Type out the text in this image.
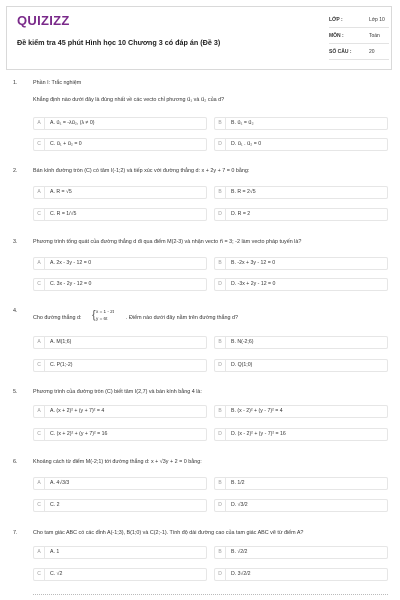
QUIZIZZ
Đề kiểm tra 45 phút Hình học 10 Chương 3 có đáp án (Đề 3)
LỚP :	Lớp 10
MÔN :	Toán
SỐ CÂU :	20
1.	Phần I: Trắc nghiệm
Khẳng định nào dưới đây là đúng nhất về các vecto chỉ phương u⃗₁ và u⃗₂ của d?
A	A. u⃗₁ = -λu⃗₂, (λ ≠ 0)	B	B. u⃗₁ = u⃗₂
C	C. u⃗₁ + u⃗₂ = 0	D	D. u⃗₁ . u⃗₂ = 0
2.	Bán kính đường tròn (C) có tâm I(-1;2) và tiếp xúc với đường thẳng d: x + 2y + 7 = 0 bằng:
A	A. R = √5	B	B. R = 2√5
C	C. R = 1/√5	D	D. R = 2
3.	Phương trình tổng quát của đường thẳng d đi qua điểm M(2-3) và nhận vecto n⃗ = 3; -2 làm vecto pháp tuyến là?
A	A. 2x - 3y - 12 = 0	B	B. -2x + 3y - 12 = 0
C	C. 3x - 2y - 12 = 0	D	D. -3x + 2y - 12 = 0
4.
Cho đường thẳng d: { x = 1 - 2t
y = 6t	. Điểm nào dưới đây nằm trên đường thẳng d?
A	A. M(1;6)	B	B. N(-2;6)
C	C. P(1;-2)	D	D. Q(1;0)
5.	Phương trình của đường tròn (C) biết tâm I(2,7) và bán kính bằng 4 là:
A	A. (x + 2)² + (y + 7)² = 4	B	B. (x - 2)² + (y - 7)² = 4
C	C. (x + 2)² + (y + 7)² = 16	D	D. (x - 2)² + (y - 7)² = 16
6.	Khoảng cách từ điểm M(-2;1) tới đường thẳng d: x + √3y + 2 = 0 bằng:
A	A. 4√3/3	B	B. 1/2
C	C. 2	D	D. √3/2
7.	Cho tam giác ABC có các đỉnh A(-1;3), B(1;0) và C(2;-1). Tính độ dài đường cao của tam giác ABC vẽ từ điểm A?
A	A. 1	B	B. √2/2
C	C. √2	D	D. 3√2/2
